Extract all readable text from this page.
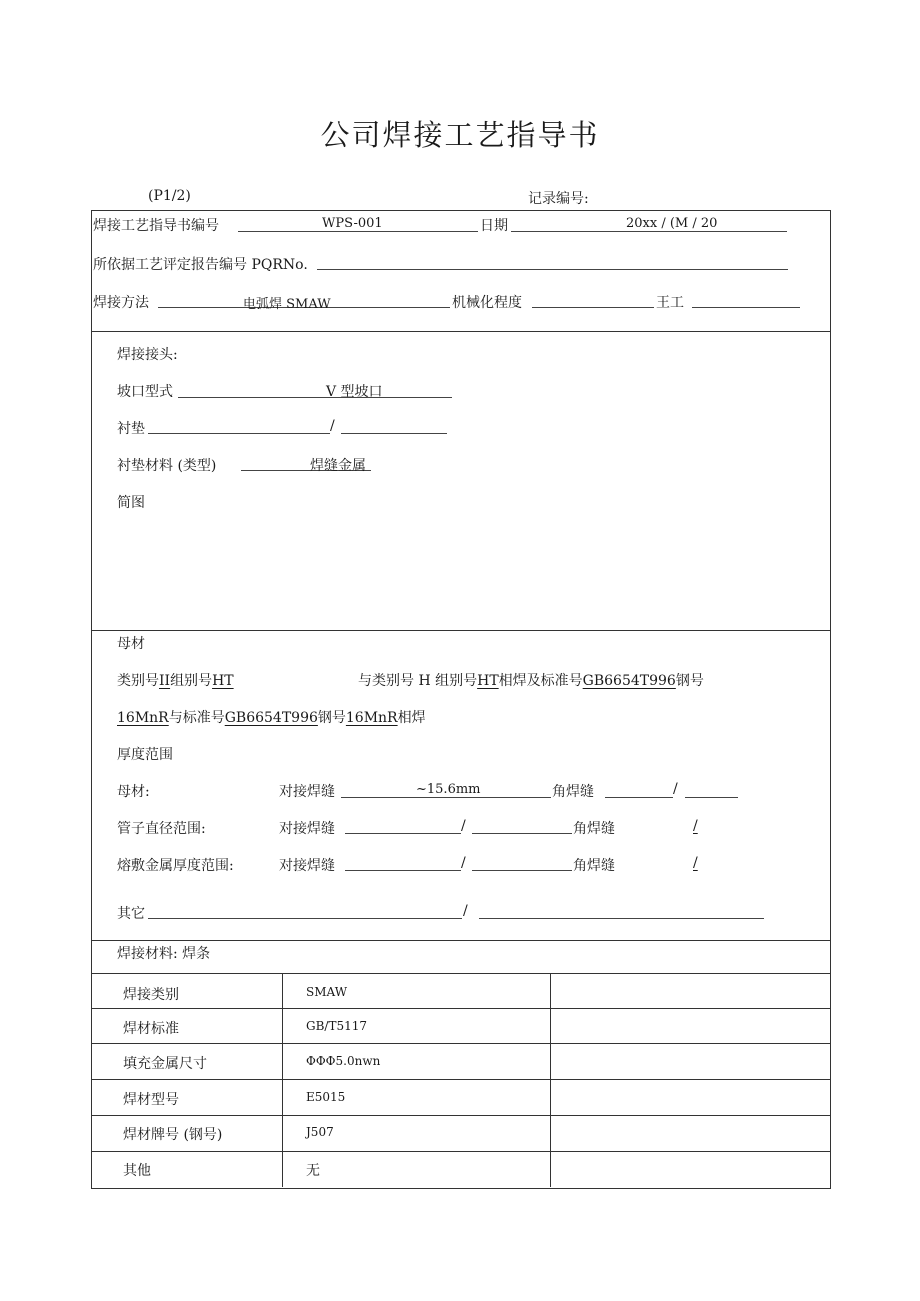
公司焊接工艺指导书
(P1/2)	记录编号:
焊接工艺指导书编号	WPS-001	日期	20xx / (M / 20
所依据工艺评定报告编号 PQRNo.
焊接方法	电弧焊 SMAW	机械化程度	王工
焊接接头:
坡口型式	V 型坡口
衬垫	/
衬垫材料 (类型)	焊缝金属
简图
母材
类别号II组别号HT	与类别号 H 组别号HT相焊及标准号GB6654T996钢号
16MnR与标准号GB6654T996钢号16MnR相焊
厚度范围
母材:	对接焊缝	~15.6mm	角焊缝	/
管子直径范围:	对接焊缝	/	角焊缝	/
熔敷金属厚度范围:	对接焊缝	/	角焊缝	/
其它	/
焊接材料: 焊条
焊接类别	SMAW
焊材标准	GB/T5117
填充金属尺寸	ΦΦΦ5.0nwn
焊材型号	E5015
焊材牌号 (钢号)	J507
其他	无
